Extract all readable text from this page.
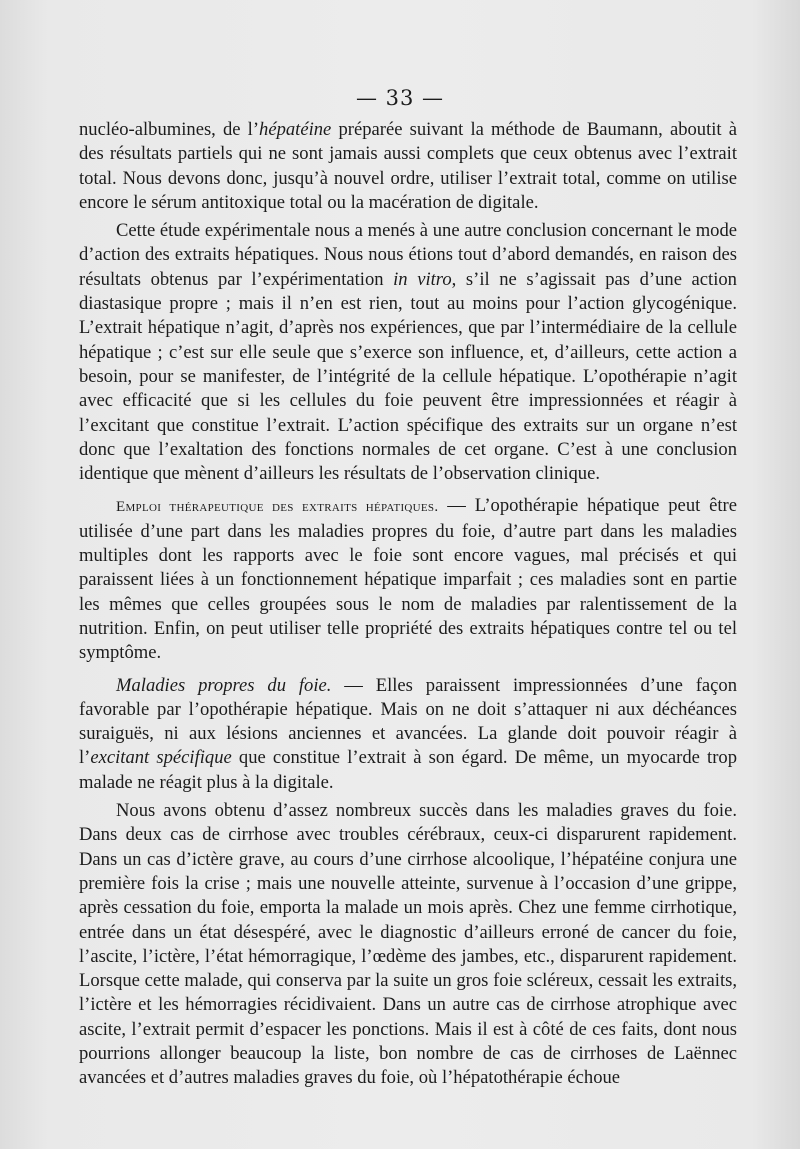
— 33 —

nucléo-albumines, de l’hépatéine préparée suivant la méthode de Baumann, aboutit à des résultats partiels qui ne sont jamais aussi complets que ceux obtenus avec l’extrait total. Nous devons donc, jusqu’à nouvel ordre, utiliser l’extrait total, comme on utilise encore le sérum antitoxique total ou la macération de digitale.

Cette étude expérimentale nous a menés à une autre conclusion concernant le mode d’action des extraits hépatiques. Nous nous étions tout d’abord demandés, en raison des résultats obtenus par l’expérimentation in vitro, s’il ne s’agissait pas d’une action diastasique propre ; mais il n’en est rien, tout au moins pour l’action glycogénique. L’extrait hépatique n’agit, d’après nos expériences, que par l’intermédiaire de la cellule hépatique ; c’est sur elle seule que s’exerce son influence, et, d’ailleurs, cette action a besoin, pour se manifester, de l’intégrité de la cellule hépatique. L’opothérapie n’agit avec efficacité que si les cellules du foie peuvent être impressionnées et réagir à l’excitant que constitue l’extrait. L’action spécifique des extraits sur un organe n’est donc que l’exaltation des fonctions normales de cet organe. C’est à une conclusion identique que mènent d’ailleurs les résultats de l’observation clinique.

Emploi thérapeutique des extraits hépatiques. — L’opothérapie hépatique peut être utilisée d’une part dans les maladies propres du foie, d’autre part dans les maladies multiples dont les rapports avec le foie sont encore vagues, mal précisés et qui paraissent liées à un fonctionnement hépatique imparfait ; ces maladies sont en partie les mêmes que celles groupées sous le nom de maladies par ralentissement de la nutrition. Enfin, on peut utiliser telle propriété des extraits hépatiques contre tel ou tel symptôme.

Maladies propres du foie. — Elles paraissent impressionnées d’une façon favorable par l’opothérapie hépatique. Mais on ne doit s’attaquer ni aux déchéances suraiguës, ni aux lésions anciennes et avancées. La glande doit pouvoir réagir à l’excitant spécifique que constitue l’extrait à son égard. De même, un myocarde trop malade ne réagit plus à la digitale.

Nous avons obtenu d’assez nombreux succès dans les maladies graves du foie. Dans deux cas de cirrhose avec troubles cérébraux, ceux-ci disparurent rapidement. Dans un cas d’ictère grave, au cours d’une cirrhose alcoolique, l’hépatéine conjura une première fois la crise ; mais une nouvelle atteinte, survenue à l’occasion d’une grippe, après cessation du foie, emporta la malade un mois après. Chez une femme cirrhotique, entrée dans un état désespéré, avec le diagnostic d’ailleurs erroné de cancer du foie, l’ascite, l’ictère, l’état hémorragique, l’œdème des jambes, etc., disparurent rapidement. Lorsque cette malade, qui conserva par la suite un gros foie scléreux, cessait les extraits, l’ictère et les hémorragies récidivaient. Dans un autre cas de cirrhose atrophique avec ascite, l’extrait permit d’espacer les ponctions. Mais il est à côté de ces faits, dont nous pourrions allonger beaucoup la liste, bon nombre de cas de cirrhoses de Laënnec avancées et d’autres maladies graves du foie, où l’hépatothérapie échoue
